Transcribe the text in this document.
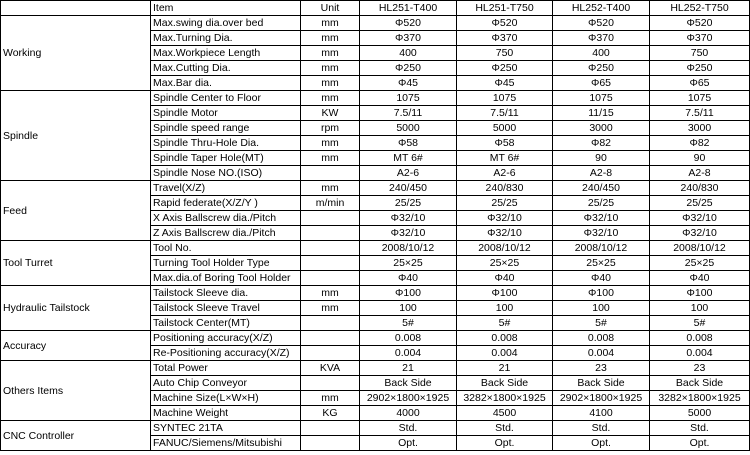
	Item	Unit	HL251-T400	HL251-T750	HL252-T400	HL252-T750
Working	Max.swing dia.over bed	mm	Φ520	Φ520	Φ520	Φ520
	Max.Turning Dia.	mm	Φ370	Φ370	Φ370	Φ370
	Max.Workpiece Length	mm	400	750	400	750
	Max.Cutting Dia.	mm	Φ250	Φ250	Φ250	Φ250
	Max.Bar dia.	mm	Φ45	Φ45	Φ65	Φ65
Spindle	Spindle Center to Floor	mm	1075	1075	1075	1075
	Spindle Motor	KW	7.5/11	7.5/11	11/15	7.5/11
	Spindle speed range	rpm	5000	5000	3000	3000
	Spindle Thru-Hole Dia.	mm	Φ58	Φ58	Φ82	Φ82
	Spindle Taper Hole(MT)	mm	MT 6#	MT 6#	90	90
	Spindle Nose NO.(ISO)		A2-6	A2-6	A2-8	A2-8
Feed	Travel(X/Z)	mm	240/450	240/830	240/450	240/830
	Rapid federate(X/Z/Y )	m/min	25/25	25/25	25/25	25/25
	X Axis Ballscrew dia./Pitch		Φ32/10	Φ32/10	Φ32/10	Φ32/10
	Z Axis Ballscrew dia./Pitch		Φ32/10	Φ32/10	Φ32/10	Φ32/10
Tool Turret	Tool No.		2008/10/12	2008/10/12	2008/10/12	2008/10/12
	Turning Tool Holder Type		25×25	25×25	25×25	25×25
	Max.dia.of Boring Tool Holder		Φ40	Φ40	Φ40	Φ40
Hydraulic Tailstock	Tailstock Sleeve dia.	mm	Φ100	Φ100	Φ100	Φ100
	Tailstock Sleeve Travel	mm	100	100	100	100
	Tailstock Center(MT)		5#	5#	5#	5#
Accuracy	Positioning accuracy(X/Z)		0.008	0.008	0.008	0.008
	Re-Positioning accuracy(X/Z)		0.004	0.004	0.004	0.004
Others Items	Total Power	KVA	21	21	23	23
	Auto Chip Conveyor		Back Side	Back Side	Back Side	Back Side
	Machine Size(L×W×H)	mm	2902×1800×1925	3282×1800×1925	2902×1800×1925	3282×1800×1925
	Machine Weight	KG	4000	4500	4100	5000
CNC Controller	SYNTEC 21TA		Std.	Std.	Std.	Std.
	FANUC/Siemens/Mitsubishi		Opt.	Opt.	Opt.	Opt.
